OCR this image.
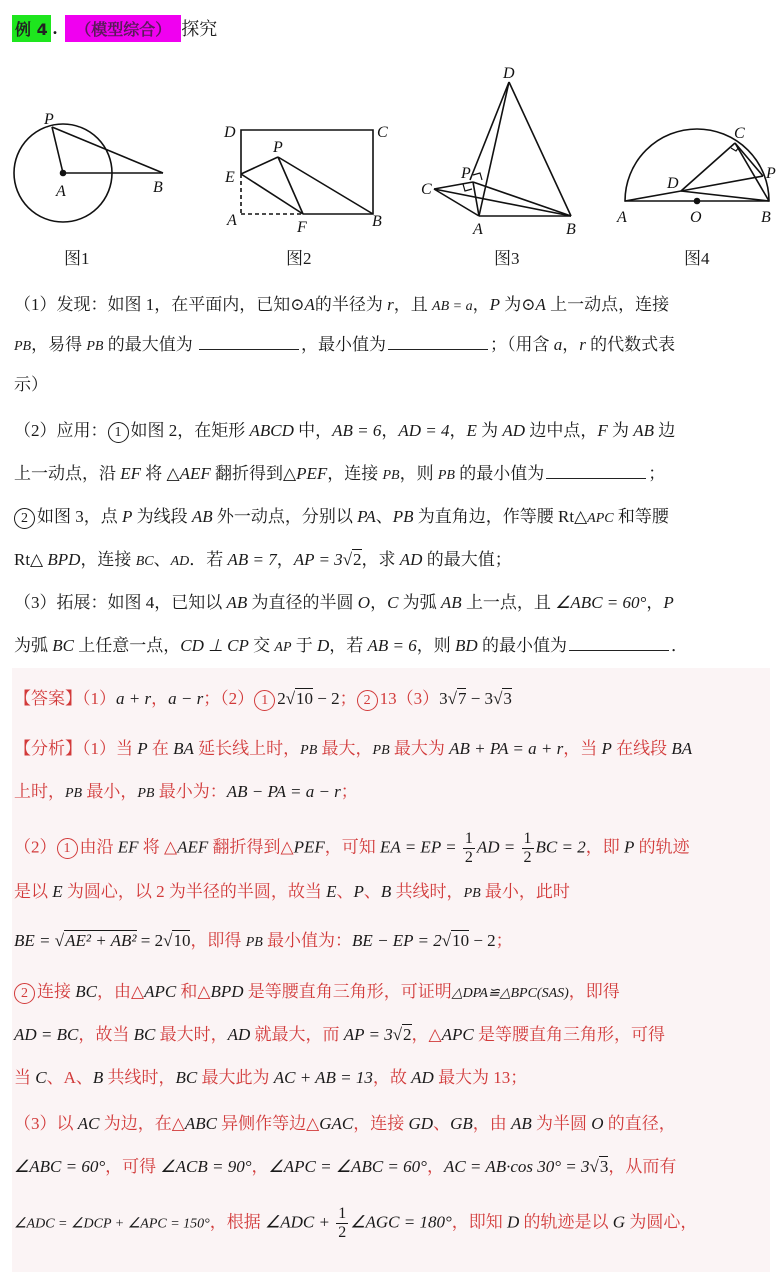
例 4 .	（模型综合） 探究
P
A	B
D	C
P
E
A	F	B
D
P
C
A	B
C
P
D
A	O	B
图1	图2	图3	图4
（1）发现：如图 1，在平面内，已知⊙A的半径为 r，且 AB = a，P 为⊙A 上一动点，连接
PB，易得 PB 的最大值为	，最小值为	；（用含 a，r 的代数式表
示）
（2）应用： 1 如图 2，在矩形 ABCD 中，AB = 6，AD = 4，E 为 AD 边中点，F 为 AB 边
上一动点，沿 EF 将 △AEF 翻折得到△PEF，连接 PB，则 PB 的最小值为	；
2 如图 3，点 P 为线段 AB 外一动点，分别以 PA、PB 为直角边，作等腰 Rt△APC 和等腰
Rt△ BPD，连接 BC、AD．若 AB = 7，AP = 3√2，求 AD 的最大值；
（3）拓展：如图 4，已知以 AB 为直径的半圆 O，C 为弧 AB 上一点，且 ∠ABC = 60°，P
为弧 BC 上任意一点，CD ⊥ CP 交 AP 于 D，若 AB = 6，则 BD 的最小值为	．
【答案】（1）a + r，a − r；（2） 1 2√10 − 2； 2 13（3）3√7 − 3√3
【分析】（1）当 P 在 BA 延长线上时，PB 最大，PB 最大为 AB + PA = a + r，当 P 在线段 BA
上时，PB 最小，PB 最小为：AB − PA = a − r；
（2） 1 由沿 EF 将 △AEF 翻折得到△PEF，可知 EA = EP = $\frac{1}{2}$ AD = $\frac{1}{2}$ BC = 2，即 P 的轨迹
是以 E 为圆心，以 2 为半径的半圆，故当 E、P、B 共线时，PB 最小，此时
BE = √AE² + AB² = 2√10，即得 PB 最小值为：BE − EP = 2√10 − 2；
2 连接 BC，由△APC 和△BPD 是等腰直角三角形，可证明△DPA≌△BPC(SAS)，即得
AD = BC，故当 BC 最大时，AD 就最大，而 AP = 3√2，△APC 是等腰直角三角形，可得
当 C、A、B 共线时，BC 最大此为 AC + AB = 13，故 AD 最大为 13；
（3）以 AC 为边，在△ABC 异侧作等边△GAC，连接 GD、GB，由 AB 为半圆 O 的直径，
∠ABC = 60°，可得 ∠ACB = 90°，∠APC = ∠ABC = 60°，AC = AB·cos 30° = 3√3，从而有
∠ADC = ∠DCP + ∠APC = 150°，根据 ∠ADC + $\frac{1}{2}$ ∠AGC = 180°，即知 D 的轨迹是以 G 为圆心，
